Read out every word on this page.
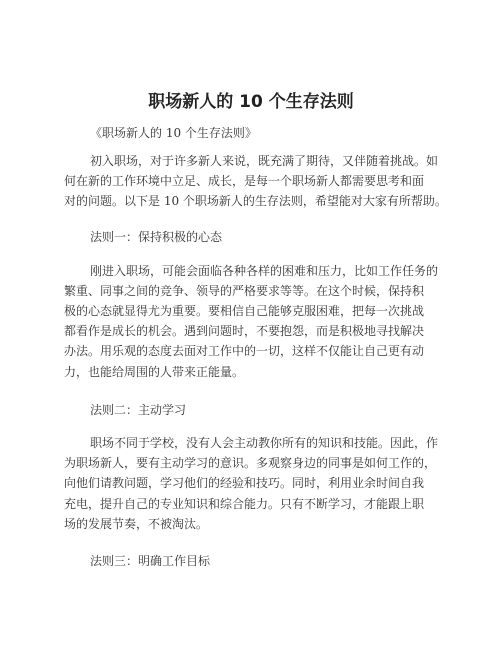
职场新人的 10 个生存法则

《职场新人的 10 个生存法则》

初入职场，对于许多新人来说，既充满了期待，又伴随着挑战。如

何在新的工作环境中立足、成长，是每一个职场新人都需要思考和面

对的问题。以下是 10 个职场新人的生存法则，希望能对大家有所帮助。

法则一：保持积极的心态

刚进入职场，可能会面临各种各样的困难和压力，比如工作任务的

繁重、同事之间的竞争、领导的严格要求等等。在这个时候，保持积

极的心态就显得尤为重要。要相信自己能够克服困难，把每一次挑战

都看作是成长的机会。遇到问题时，不要抱怨，而是积极地寻找解决

办法。用乐观的态度去面对工作中的一切，这样不仅能让自己更有动

力，也能给周围的人带来正能量。

法则二：主动学习

职场不同于学校，没有人会主动教你所有的知识和技能。因此，作

为职场新人，要有主动学习的意识。多观察身边的同事是如何工作的，

向他们请教问题，学习他们的经验和技巧。同时，利用业余时间自我

充电，提升自己的专业知识和综合能力。只有不断学习，才能跟上职

场的发展节奏，不被淘汰。

法则三：明确工作目标
